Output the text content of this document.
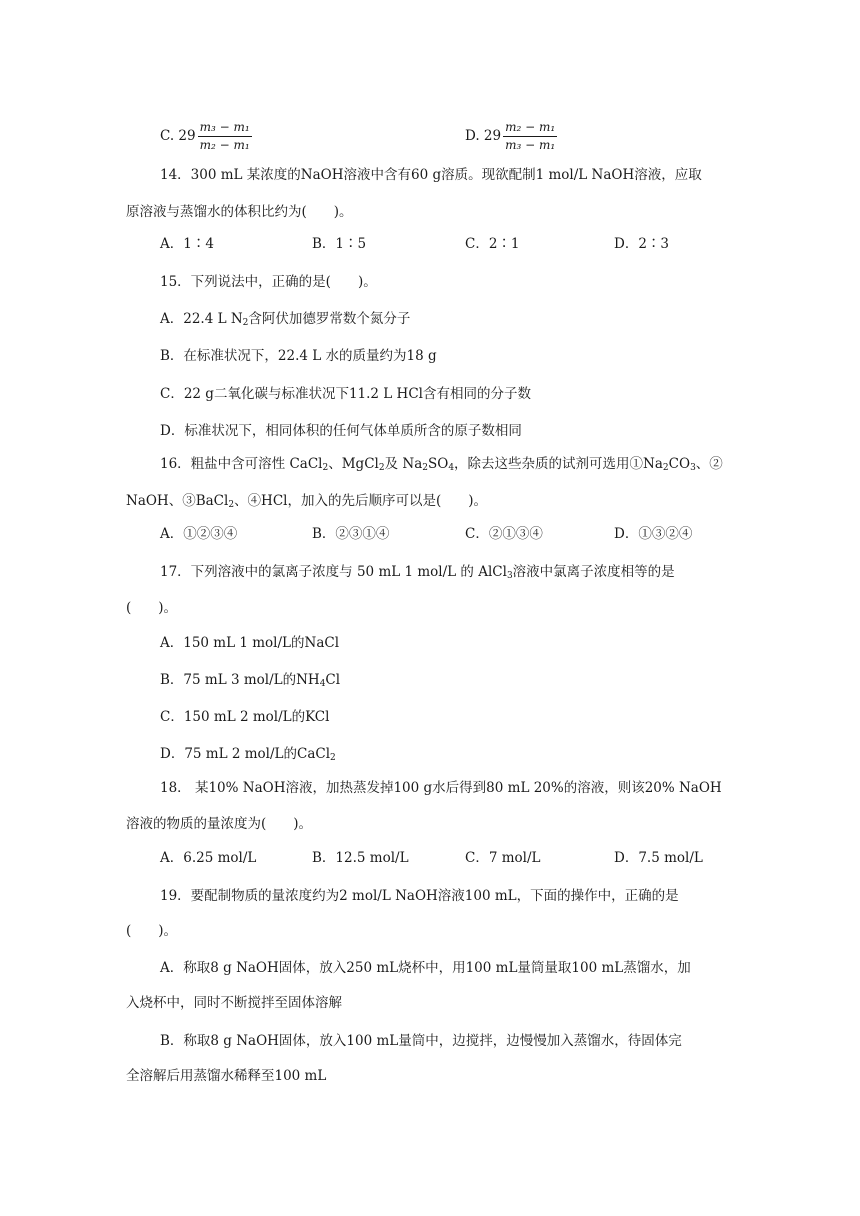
C. $29 \frac{\text{m₃ − m₁}}{\text{m₂ − m₁}}$	D. $29 \frac{\text{m₂ − m₁}}{\text{m₃ − m₁}}$
14．300 mL 某浓度的NaOH溶液中含有60 g溶质。现欲配制1 mol/L NaOH溶液，应取
原溶液与蒸馏水的体积比约为(　　)。
A．1∶4	B．1∶5	C．2∶1	D．2∶3
15．下列说法中，正确的是(　　)。
A．22.4 L $N_2$含阿伏加德罗常数个氮分子
B．在标准状况下，22.4 L 水的质量约为18 g
C．22 g二氧化碳与标准状况下11.2 L HCl含有相同的分子数
D．标准状况下，相同体积的任何气体单质所含的原子数相同
16．粗盐中含可溶性 CaCl$_2$、MgCl$_2$及 $Na_2SO_4$，除去这些杂质的试剂可选用$①Na_2CO_3$、②
NaOH、③BaCl$_2$、④HCl，加入的先后顺序可以是(　　)。
A．①②③④	B．②③①④	C．②①③④	D．①③②④
17．下列溶液中的氯离子浓度与 50 mL 1 mol/L 的 AlCl$_3$溶液中氯离子浓度相等的是
(　　)。
A．150 mL 1 mol/L的NaCl
B．75 mL 3 mol/L的$NH_4Cl$
C．150 mL 2 mol/L的KCl
D．75 mL 2 mol/L的CaCl$_2$
18． 某10% NaOH溶液，加热蒸发掉100 g水后得到80 mL 20%的溶液，则该20% NaOH
溶液的物质的量浓度为(　　)。
A．6.25 mol/L	B．12.5 mol/L	C．7 mol/L	D．7.5 mol/L
19．要配制物质的量浓度约为2 mol/L NaOH溶液100 mL，下面的操作中，正确的是
(　　)。
A．称取8 g NaOH固体，放入250 mL烧杯中，用100 mL量筒量取100 mL蒸馏水，加
入烧杯中，同时不断搅拌至固体溶解
B．称取8 g NaOH固体，放入100 mL量筒中，边搅拌，边慢慢加入蒸馏水，待固体完
全溶解后用蒸馏水稀释至100 mL
